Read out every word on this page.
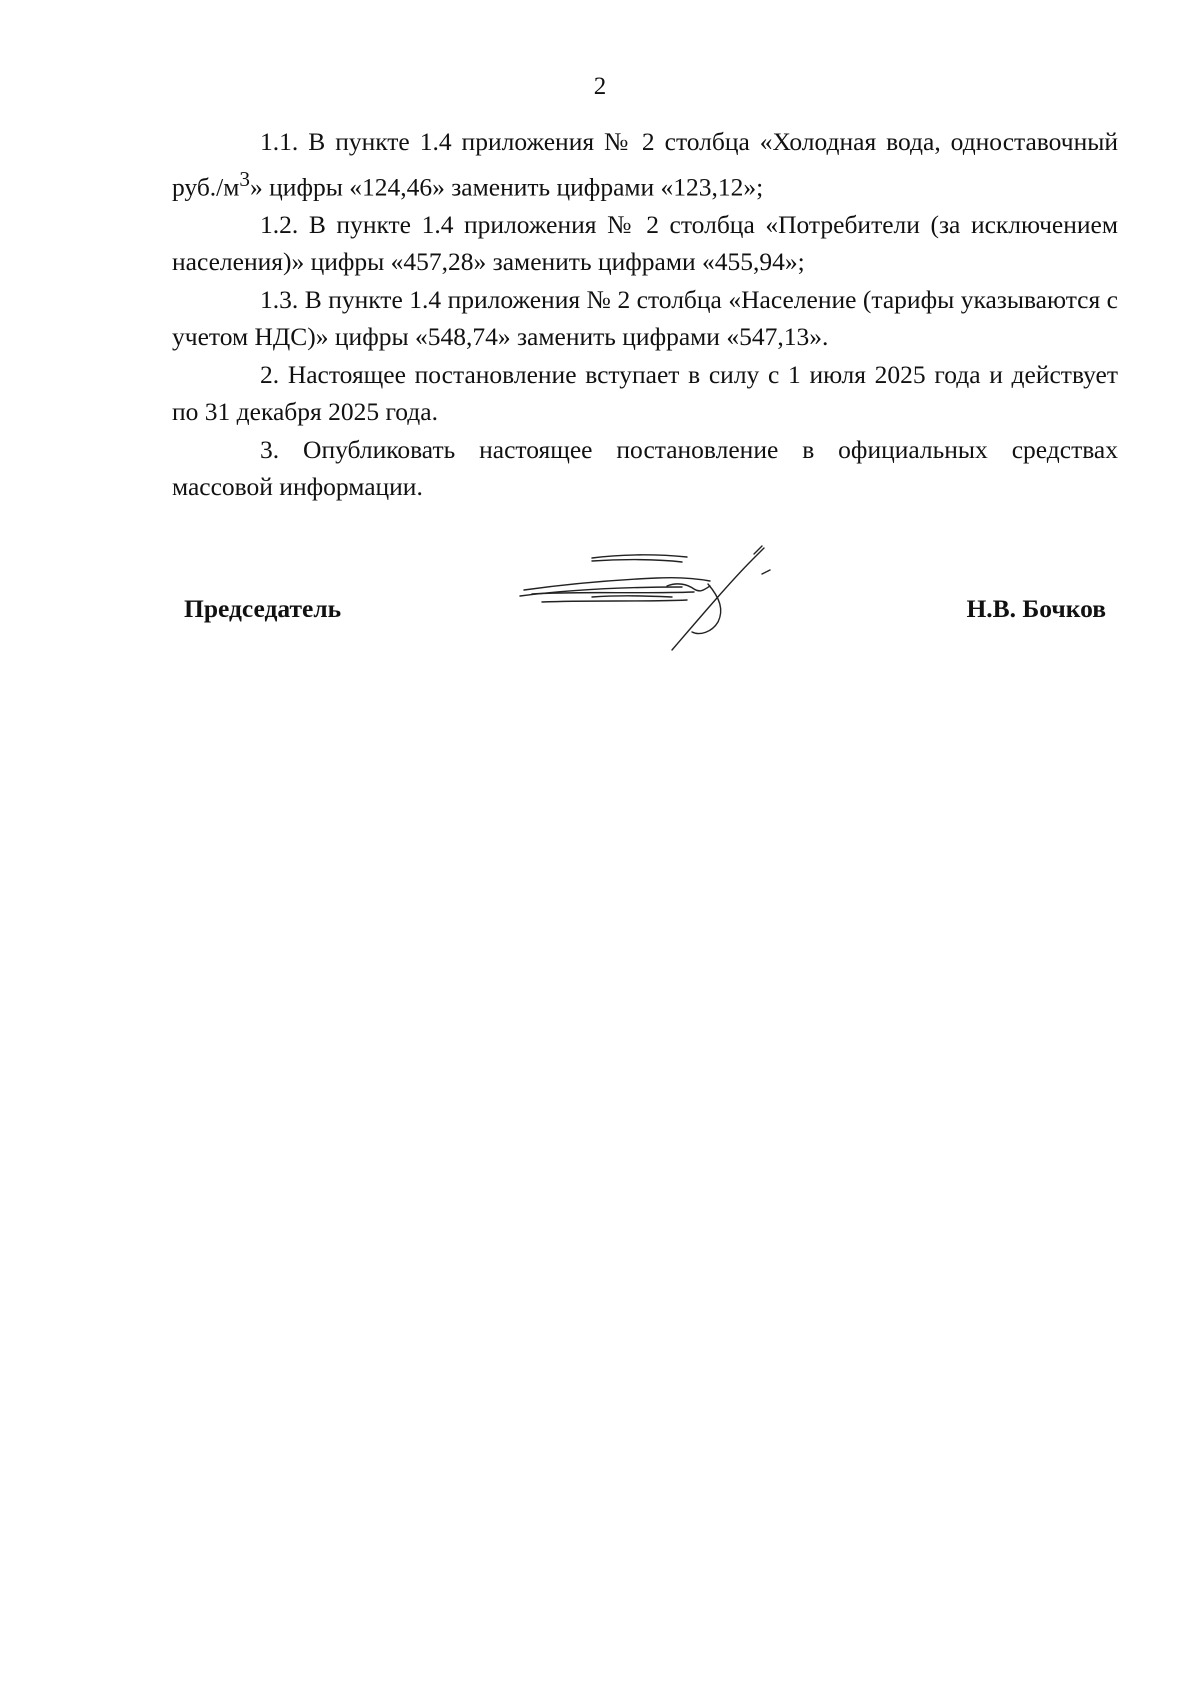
2

1.1. В пункте 1.4 приложения № 2 столбца «Холодная вода, одноставочный $руб./м^3$» цифры «124,46» заменить цифрами «123,12»;

1.2. В пункте 1.4 приложения № 2 столбца «Потребители (за исключением населения)» цифры «457,28» заменить цифрами «455,94»;

1.3. В пункте 1.4 приложения № 2 столбца «Население (тарифы указываются с учетом НДС)» цифры «548,74» заменить цифрами «547,13».

2. Настоящее постановление вступает в силу с 1 июля 2025 года и действует по 31 декабря 2025 года.

3. Опубликовать настоящее постановление в официальных средствах массовой информации.

Председатель	Н.В. Бочков
